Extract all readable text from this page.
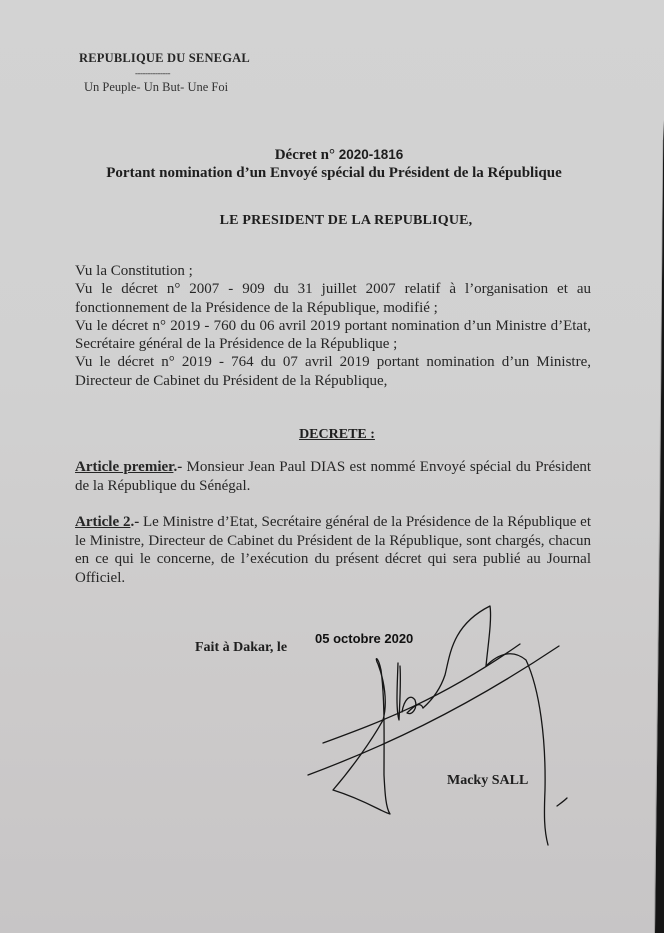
REPUBLIQUE DU SENEGAL
--------------
Un Peuple- Un But- Une Foi
Décret n° 2020-1816
Portant nomination d’un Envoyé spécial du Président de la République
LE PRESIDENT DE LA REPUBLIQUE,

Vu la Constitution ;

Vu le décret n° 2007 - 909 du 31 juillet 2007 relatif à l’organisation et au fonctionnement de la Présidence de la République, modifié ;

Vu le décret n° 2019 - 760 du 06 avril 2019 portant nomination d’un Ministre d’Etat, Secrétaire général de la Présidence de la République ;

Vu le décret n° 2019 - 764 du 07 avril 2019 portant nomination d’un Ministre, Directeur de Cabinet du Président de la République,

DECRETE :

Article premier.- Monsieur Jean Paul DIAS est nommé Envoyé spécial du Président de la République du Sénégal.

Article 2.- Le Ministre d’Etat, Secrétaire général de la Présidence de la République et le Ministre, Directeur de Cabinet du Président de la République, sont chargés, chacun en ce qui le concerne, de l’exécution du présent décret qui sera publié au Journal Officiel.

Fait à Dakar, le
05 octobre 2020
Macky SALL
